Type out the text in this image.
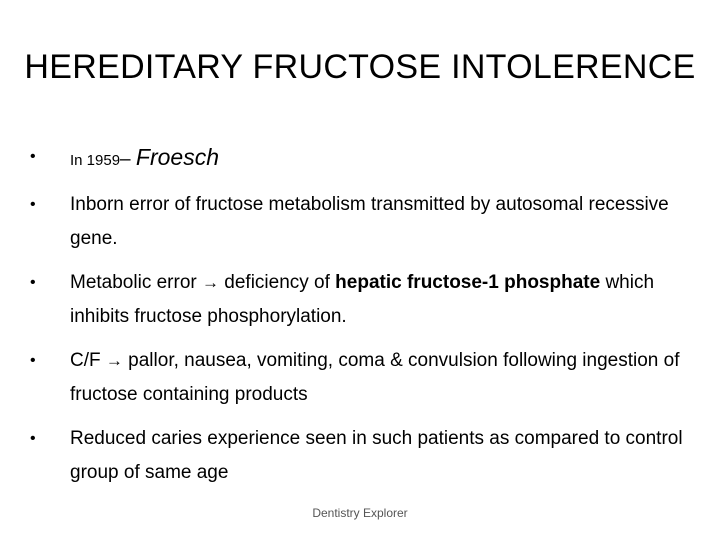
HEREDITARY FRUCTOSE INTOLERENCE
•	In 1959– Froesch
•	Inborn error of fructose metabolism transmitted by autosomal recessive gene.
•	Metabolic error → deficiency of hepatic fructose-1 phosphate which inhibits fructose phosphorylation.
•	C/F → pallor, nausea, vomiting, coma & convulsion following ingestion of fructose containing products
•	Reduced caries experience seen in such patients as compared to control group of same age
Dentistry Explorer
